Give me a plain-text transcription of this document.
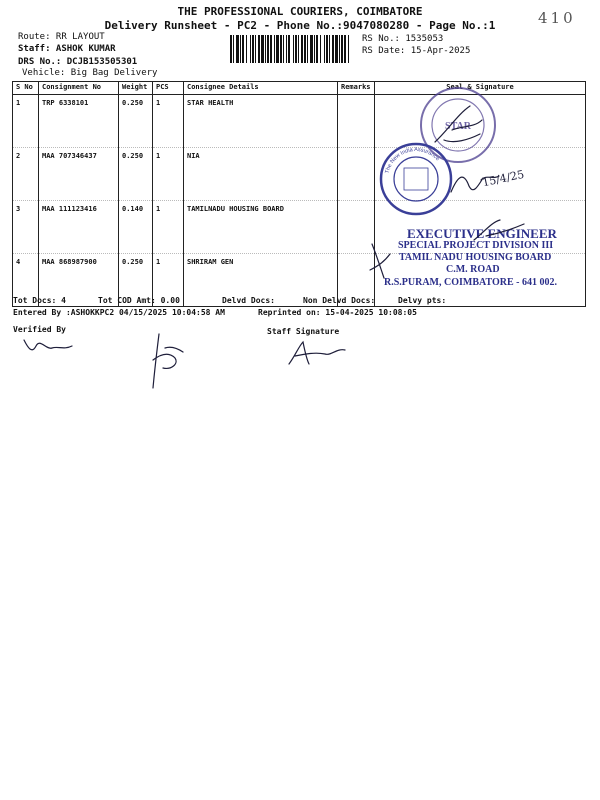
THE PROFESSIONAL COURIERS, COIMBATORE
Delivery Runsheet - PC2 - Phone No.:9047080280 - Page No.:1	410
Route: RR LAYOUT
Staff: ASHOK KUMAR
DRS No.: DCJB153505301
Vehicle: Big Bag Delivery
RS No.: 1535053
RS Date: 15-Apr-2025
S No	Consignment No	Weight	PCS	Consignee Details	Remarks	Seal & Signature
1	TRP 6338101	0.250	1	STAR HEALTH		
2	MAA 707346437	0.250	1	NIA		
3	MAA 111123416	0.140	1	TAMILNADU HOUSING BOARD		
4	MAA 868987900	0.250	1	SHRIRAM GEN		
STAR
The New India Assurance
15/4/25
EXECUTIVE ENGINEER
SPECIAL PROJECT DIVISION III
TAMIL NADU HOUSING BOARD
C.M. ROAD
R.S.PURAM, COIMBATORE - 641 002.
Tot Docs: 4	Tot COD Amt: 0.00	Delvd Docs:	Non Delvd Docs:	Delvy pts:
Entered By :ASHOKKPC2 04/15/2025 10:04:58 AM	Reprinted on: 15-04-2025 10:08:05
Verified By	Staff Signature
